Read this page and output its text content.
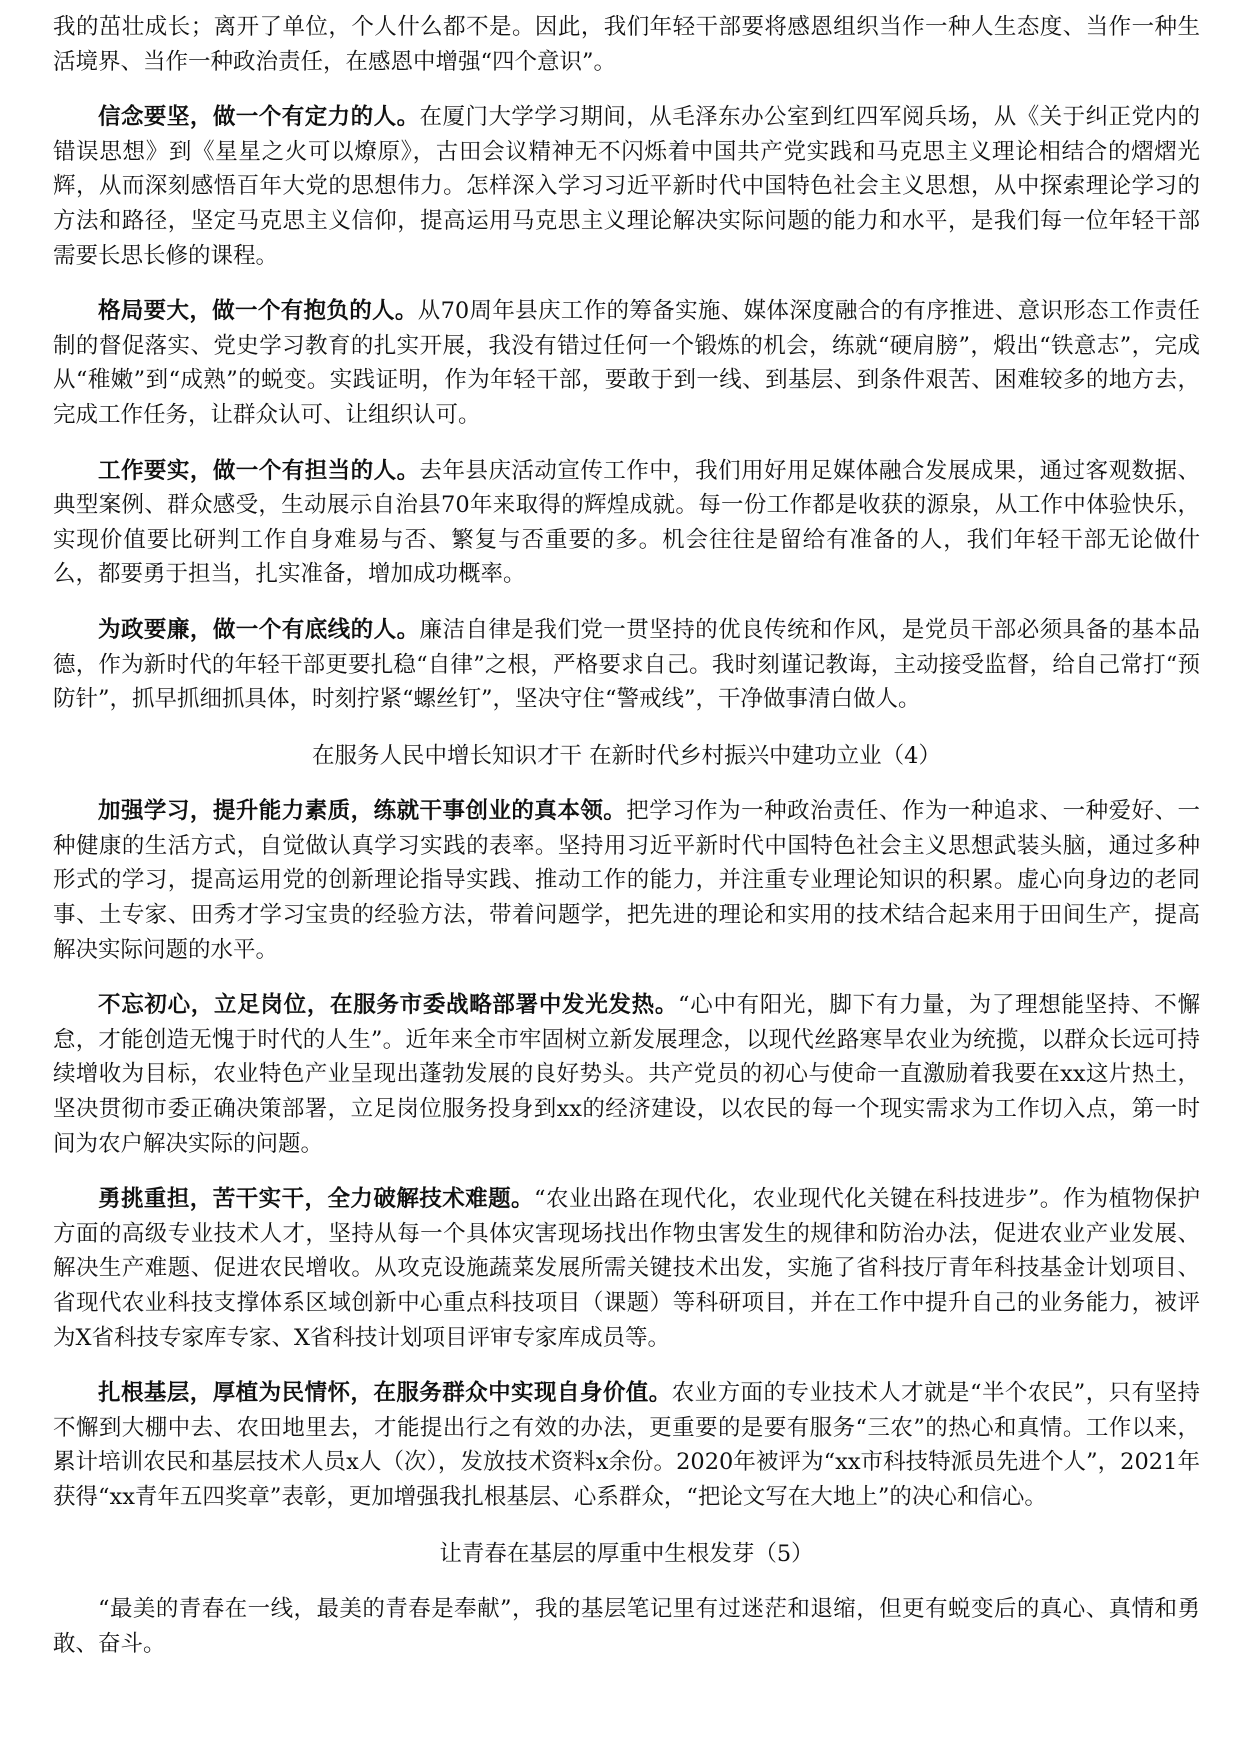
我的茁壮成长；离开了单位，个人什么都不是。因此，我们年轻干部要将感恩组织当作一种人生态度、当作一种生活境界、当作一种政治责任，在感恩中增强“四个意识”。

信念要坚，做一个有定力的人。在厦门大学学习期间，从毛泽东办公室到红四军阅兵场，从《关于纠正党内的错误思想》到《星星之火可以燎原》，古田会议精神无不闪烁着中国共产党实践和马克思主义理论相结合的熠熠光辉，从而深刻感悟百年大党的思想伟力。怎样深入学习习近平新时代中国特色社会主义思想，从中探索理论学习的方法和路径，坚定马克思主义信仰，提高运用马克思主义理论解决实际问题的能力和水平，是我们每一位年轻干部需要长思长修的课程。

格局要大，做一个有抱负的人。从70周年县庆工作的筹备实施、媒体深度融合的有序推进、意识形态工作责任制的督促落实、党史学习教育的扎实开展，我没有错过任何一个锻炼的机会，练就“硬肩膀”，煅出“铁意志”，完成从“稚嫩”到“成熟”的蜕变。实践证明，作为年轻干部，要敢于到一线、到基层、到条件艰苦、困难较多的地方去，完成工作任务，让群众认可、让组织认可。

工作要实，做一个有担当的人。去年县庆活动宣传工作中，我们用好用足媒体融合发展成果，通过客观数据、典型案例、群众感受，生动展示自治县70年来取得的辉煌成就。每一份工作都是收获的源泉，从工作中体验快乐，实现价值要比研判工作自身难易与否、繁复与否重要的多。机会往往是留给有准备的人，我们年轻干部无论做什么，都要勇于担当，扎实准备，增加成功概率。

为政要廉，做一个有底线的人。廉洁自律是我们党一贯坚持的优良传统和作风，是党员干部必须具备的基本品德，作为新时代的年轻干部更要扎稳“自律”之根，严格要求自己。我时刻谨记教诲，主动接受监督，给自己常打“预防针”，抓早抓细抓具体，时刻拧紧“螺丝钉”，坚决守住“警戒线”，干净做事清白做人。

在服务人民中增长知识才干 在新时代乡村振兴中建功立业（4）

加强学习，提升能力素质，练就干事创业的真本领。把学习作为一种政治责任、作为一种追求、一种爱好、一种健康的生活方式，自觉做认真学习实践的表率。坚持用习近平新时代中国特色社会主义思想武装头脑，通过多种形式的学习，提高运用党的创新理论指导实践、推动工作的能力，并注重专业理论知识的积累。虚心向身边的老同事、土专家、田秀才学习宝贵的经验方法，带着问题学，把先进的理论和实用的技术结合起来用于田间生产，提高解决实际问题的水平。

不忘初心，立足岗位，在服务市委战略部署中发光发热。“心中有阳光，脚下有力量，为了理想能坚持、不懈怠，才能创造无愧于时代的人生”。近年来全市牢固树立新发展理念，以现代丝路寒旱农业为统揽，以群众长远可持续增收为目标，农业特色产业呈现出蓬勃发展的良好势头。共产党员的初心与使命一直激励着我要在xx这片热土，坚决贯彻市委正确决策部署，立足岗位服务投身到xx的经济建设，以农民的每一个现实需求为工作切入点，第一时间为农户解决实际的问题。

勇挑重担，苦干实干，全力破解技术难题。“农业出路在现代化，农业现代化关键在科技进步”。作为植物保护方面的高级专业技术人才，坚持从每一个具体灾害现场找出作物虫害发生的规律和防治办法，促进农业产业发展、解决生产难题、促进农民增收。从攻克设施蔬菜发展所需关键技术出发，实施了省科技厅青年科技基金计划项目、省现代农业科技支撑体系区域创新中心重点科技项目（课题）等科研项目，并在工作中提升自己的业务能力，被评为X省科技专家库专家、X省科技计划项目评审专家库成员等。

扎根基层，厚植为民情怀，在服务群众中实现自身价值。农业方面的专业技术人才就是“半个农民”，只有坚持不懈到大棚中去、农田地里去，才能提出行之有效的办法，更重要的是要有服务“三农”的热心和真情。工作以来，累计培训农民和基层技术人员x人（次），发放技术资料x余份。2020年被评为“xx市科技特派员先进个人”，2021年获得“xx青年五四奖章”表彰，更加增强我扎根基层、心系群众，“把论文写在大地上”的决心和信心。

让青春在基层的厚重中生根发芽（5）

“最美的青春在一线，最美的青春是奉献”，我的基层笔记里有过迷茫和退缩，但更有蜕变后的真心、真情和勇敢、奋斗。
